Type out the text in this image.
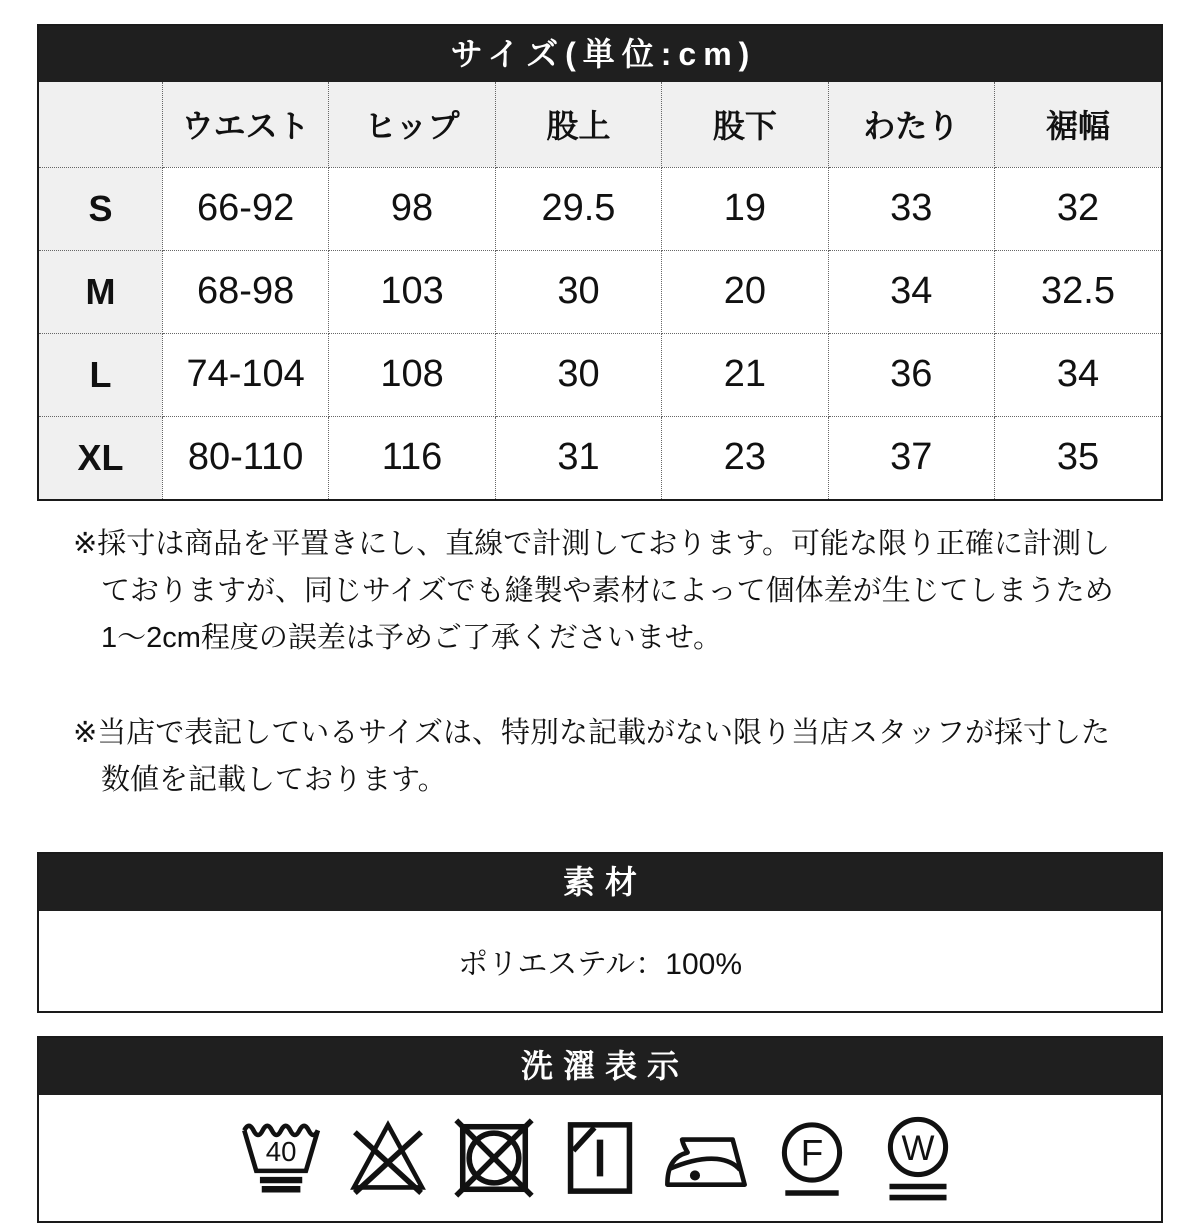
サイズ(単位:cm)
	ウエスト	ヒップ	股上	股下	わたり	裾幅
S	66-92	98	29.5	19	33	32
M	68-98	103	30	20	34	32.5
L	74-104	108	30	21	36	34
XL	80-110	116	31	23	37	35
※採寸は商品を平置きにし、直線で計測しております。可能な限り正確に計測し
ておりますが、同じサイズでも縫製や素材によって個体差が生じてしまうため
1～2cm程度の誤差は予めご了承くださいませ。
※当店で表記しているサイズは、特別な記載がない限り当店スタッフが採寸した
数値を記載しております。
素材
ポリエステル：100%
洗濯表示
40	F W
